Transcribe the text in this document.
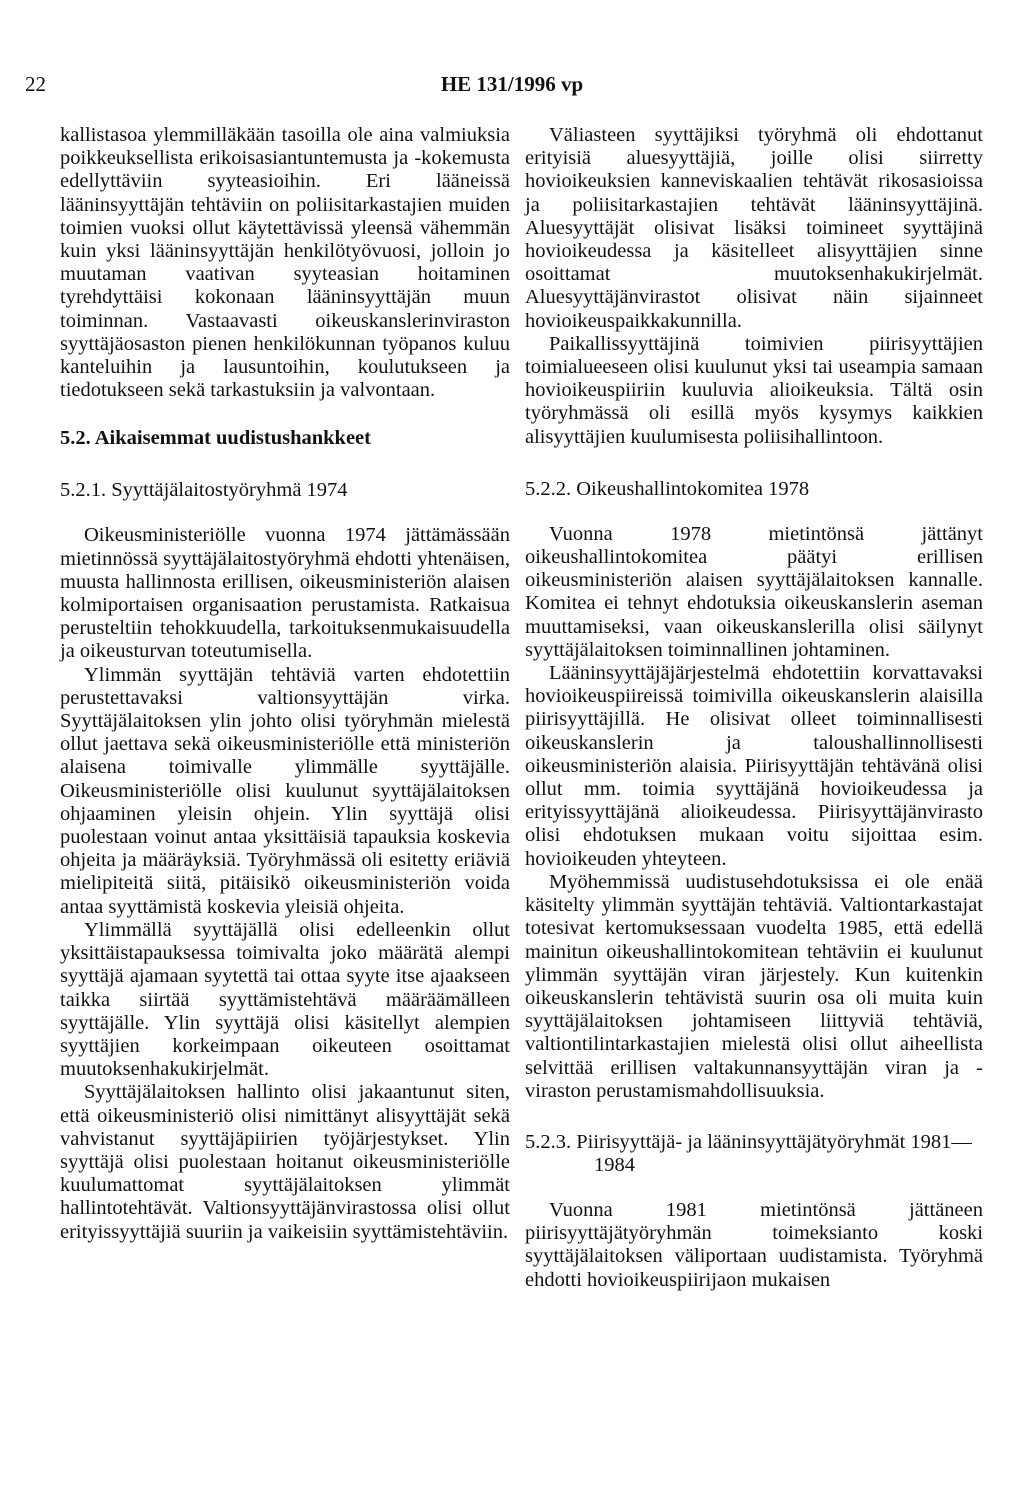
22	HE 131/1996 vp

kallistasoa ylemmilläkään tasoilla ole aina valmiuksia poikkeuksellista erikoisasiantuntemusta ja -kokemusta edellyttäviin syyteasioihin. Eri lääneissä lääninsyyttäjän tehtäviin on poliisitarkastajien muiden toimien vuoksi ollut käytettävissä yleensä vähemmän kuin yksi lääninsyyttäjän henkilötyövuosi, jolloin jo muutaman vaativan syyteasian hoitaminen tyrehdyttäisi kokonaan lääninsyyttäjän muun toiminnan. Vastaavasti oikeuskanslerinviraston syyttäjäosaston pienen henkilökunnan työpanos kuluu kanteluihin ja lausuntoihin, koulutukseen ja tiedotukseen sekä tarkastuksiin ja valvontaan.

5.2. Aikaisemmat uudistushankkeet
5.2.1. Syyttäjälaitostyöryhmä 1974

Oikeusministeriölle vuonna 1974 jättämässään mietinnössä syyttäjälaitostyöryhmä ehdotti yhtenäisen, muusta hallinnosta erillisen, oikeusministeriön alaisen kolmiportaisen organisaation perustamista. Ratkaisua perusteltiin tehokkuudella, tarkoituksenmukaisuudella ja oikeusturvan toteutumisella.

Ylimmän syyttäjän tehtäviä varten ehdotettiin perustettavaksi valtionsyyttäjän virka. Syyttäjälaitoksen ylin johto olisi työryhmän mielestä ollut jaettava sekä oikeusministeriölle että ministeriön alaisena toimivalle ylimmälle syyttäjälle. Oikeusministeriölle olisi kuulunut syyttäjälaitoksen ohjaaminen yleisin ohjein. Ylin syyttäjä olisi puolestaan voinut antaa yksittäisiä tapauksia koskevia ohjeita ja määräyksiä. Työryhmässä oli esitetty eriäviä mielipiteitä siitä, pitäisikö oikeusministeriön voida antaa syyttämistä koskevia yleisiä ohjeita.

Ylimmällä syyttäjällä olisi edelleenkin ollut yksittäistapauksessa toimivalta joko määrätä alempi syyttäjä ajamaan syytettä tai ottaa syyte itse ajaakseen taikka siirtää syyttämistehtävä määräämälleen syyttäjälle. Ylin syyttäjä olisi käsitellyt alempien syyttäjien korkeimpaan oikeuteen osoittamat muutoksenhakukirjelmät.

Syyttäjälaitoksen hallinto olisi jakaantunut siten, että oikeusministeriö olisi nimittänyt alisyyttäjät sekä vahvistanut syyttäjäpiirien työjärjestykset. Ylin syyttäjä olisi puolestaan hoitanut oikeusministeriölle kuulumattomat syyttäjälaitoksen ylimmät hallintotehtävät. Valtionsyyttäjänvirastossa olisi ollut erityissyyttäjiä suuriin ja vaikeisiin syyttämistehtäviin.

Väliasteen syyttäjiksi työryhmä oli ehdottanut erityisiä aluesyyttäjiä, joille olisi siirretty hovioikeuksien kanneviskaalien tehtävät rikosasioissa ja poliisitarkastajien tehtävät lääninsyyttäjinä. Aluesyyttäjät olisivat lisäksi toimineet syyttäjinä hovioikeudessa ja käsitelleet alisyyttäjien sinne osoittamat muutoksenhakukirjelmät. Aluesyyttäjänvirastot olisivat näin sijainneet hovioikeuspaikkakunnilla.

Paikallissyyttäjinä toimivien piirisyyttäjien toimialueeseen olisi kuulunut yksi tai useampia samaan hovioikeuspiiriin kuuluvia alioikeuksia. Tältä osin työryhmässä oli esillä myös kysymys kaikkien alisyyttäjien kuulumisesta poliisihallintoon.

5.2.2. Oikeushallintokomitea 1978

Vuonna 1978 mietintönsä jättänyt oikeushallintokomitea päätyi erillisen oikeusministeriön alaisen syyttäjälaitoksen kannalle. Komitea ei tehnyt ehdotuksia oikeuskanslerin aseman muuttamiseksi, vaan oikeuskanslerilla olisi säilynyt syyttäjälaitoksen toiminnallinen johtaminen.

Lääninsyyttäjäjärjestelmä ehdotettiin korvattavaksi hovioikeuspiireissä toimivilla oikeuskanslerin alaisilla piirisyyttäjillä. He olisivat olleet toiminnallisesti oikeuskanslerin ja taloushallinnollisesti oikeusministeriön alaisia. Piirisyyttäjän tehtävänä olisi ollut mm. toimia syyttäjänä hovioikeudessa ja erityissyyttäjänä alioikeudessa. Piirisyyttäjänvirasto olisi ehdotuksen mukaan voitu sijoittaa esim. hovioikeuden yhteyteen.

Myöhemmissä uudistusehdotuksissa ei ole enää käsitelty ylimmän syyttäjän tehtäviä. Valtiontarkastajat totesivat kertomuksessaan vuodelta 1985, että edellä mainitun oikeushallintokomitean tehtäviin ei kuulunut ylimmän syyttäjän viran järjestely. Kun kuitenkin oikeuskanslerin tehtävistä suurin osa oli muita kuin syyttäjälaitoksen johtamiseen liittyviä tehtäviä, valtiontilintarkastajien mielestä olisi ollut aiheellista selvittää erillisen valtakunnansyyttäjän viran ja -viraston perustamismahdollisuuksia.

5.2.3. Piirisyyttäjä- ja lääninsyyttäjätyöryhmät 1981—1984

Vuonna 1981 mietintönsä jättäneen piirisyyttäjätyöryhmän toimeksianto koski syyttäjälaitoksen väliportaan uudistamista. Työryhmä ehdotti hovioikeuspiirijaon mukaisen
